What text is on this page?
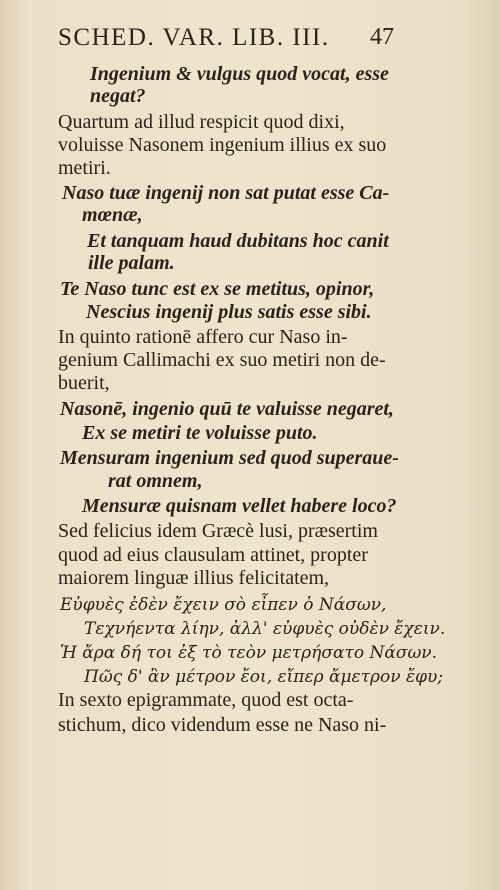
SCHED. VAR. LIB. III. 47
Ingenium & vulgus quod vocat, esse
negat?
Quartum ad illud respicit quod dixi,
voluisse Nasonem ingenium illius ex suo
metiri.
Naso tuæ ingenij non sat putat esse Ca-
mœnæ,
Et tanquam haud dubitans hoc canit
ille palam.
Te Naso tunc est ex se metitus, opinor,
Nescius ingenij plus satis esse sibi.
In quinto rationē affero cur Naso in-
genium Callimachi ex suo metiri non de-
buerit,
Nasonē, ingenio quū te valuisse negaret,
Ex se metiri te voluisse puto.
Mensuram ingenium sed quod superaue-
rat omnem,
Mensuræ quisnam vellet habere loco?
Sed felicius idem Græcè lusi, præsertim
quod ad eius clausulam attinet, propter
maiorem linguæ illius felicitatem,
Εὐφυὲς ἐδὲν ἔχειν σὸ εἶπεν ὁ Νάσων,
Τεχνήεντα λίην, ἀλλ' εὐφυὲς οὐδὲν ἔχειν.
Ἡ ἄρα δή τοι ἐξ τὸ τεὸν μετρήσατο Νάσων.
Πῶς δ' ἂν μέτρον ἔοι, εἴπερ ἄμετρον ἔφυ;
In sexto epigrammate, quod est octa-
stichum, dico videndum esse ne Naso ni-
